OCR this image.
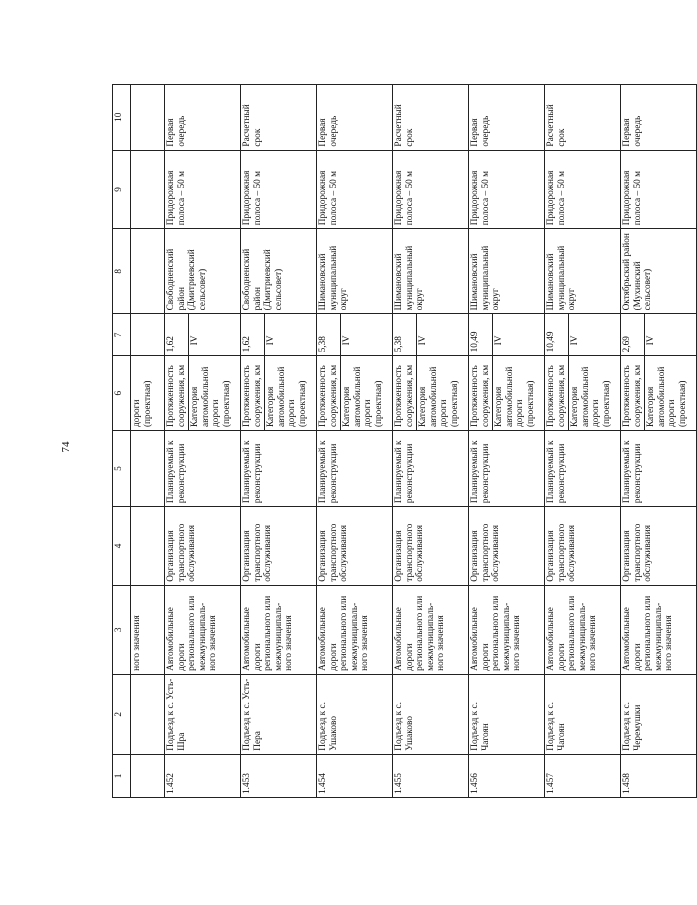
74
1	2	3	4	5	6	7	8	9	10
		ного значения			дороги (проектная)				
1.452	Подъезд к с. Усть-Шра	Автомобильные дороги регионального или межмуниципаль-ного значения	Организация транспортного обслуживания	Планируемый к реконструкции	Протяженность сооружения, км	1,62	Свободненский район (Дмитриевский сельсовет)	Придорожная полоса – 50 м	Первая очередь
					Категория автомобильной дороги (проектная)	IV			
1.453	Подъезд к с. Усть-Пера	Автомобильные дороги регионального или межмуниципаль-ного значения	Организация транспортного обслуживания	Планируемый к реконструкции	Протяженность сооружения, км	1,62	Свободненский район (Дмитриевский сельсовет)	Придорожная полоса – 50 м	Расчетный срок
					Категория автомобильной дороги (проектная)	IV			
1.454	Подъезд к с. Ушаково	Автомобильные дороги регионального или межмуниципаль-ного значения	Организация транспортного обслуживания	Планируемый к реконструкции	Протяженность сооружения, км	5,38	Шимановский муниципальный округ	Придорожная полоса – 50 м	Первая очередь
					Категория автомобильной дороги (проектная)	IV			
1.455	Подъезд к с. Ушаково	Автомобильные дороги регионального или межмуниципаль-ного значения	Организация транспортного обслуживания	Планируемый к реконструкции	Протяженность сооружения, км	5,38	Шимановский муниципальный округ	Придорожная полоса – 50 м	Расчетный срок
					Категория автомобильной дороги (проектная)	IV			
1.456	Подъезд к с. Чагоян	Автомобильные дороги регионального или межмуниципаль-ного значения	Организация транспортного обслуживания	Планируемый к реконструкции	Протяженность сооружения, км	10,49	Шимановский муниципальный округ	Придорожная полоса – 50 м	Первая очередь
					Категория автомобильной дороги (проектная)	IV			
1.457	Подъезд к с. Чагоян	Автомобильные дороги регионального или межмуниципаль-ного значения	Организация транспортного обслуживания	Планируемый к реконструкции	Протяженность сооружения, км	10,49	Шимановский муниципальный округ	Придорожная полоса – 50 м	Расчетный срок
					Категория автомобильной дороги (проектная)	IV			
1.458	Подъезд к с. Черемушки	Автомобильные дороги регионального или межмуниципаль-ного значения	Организация транспортного обслуживания	Планируемый к реконструкции	Протяженность сооружения, км	2,69	Октябрьский район (Мухинский сельсовет)	Придорожная полоса – 50 м	Первая очередь
					Категория автомобильной дороги (проектная)	IV			
